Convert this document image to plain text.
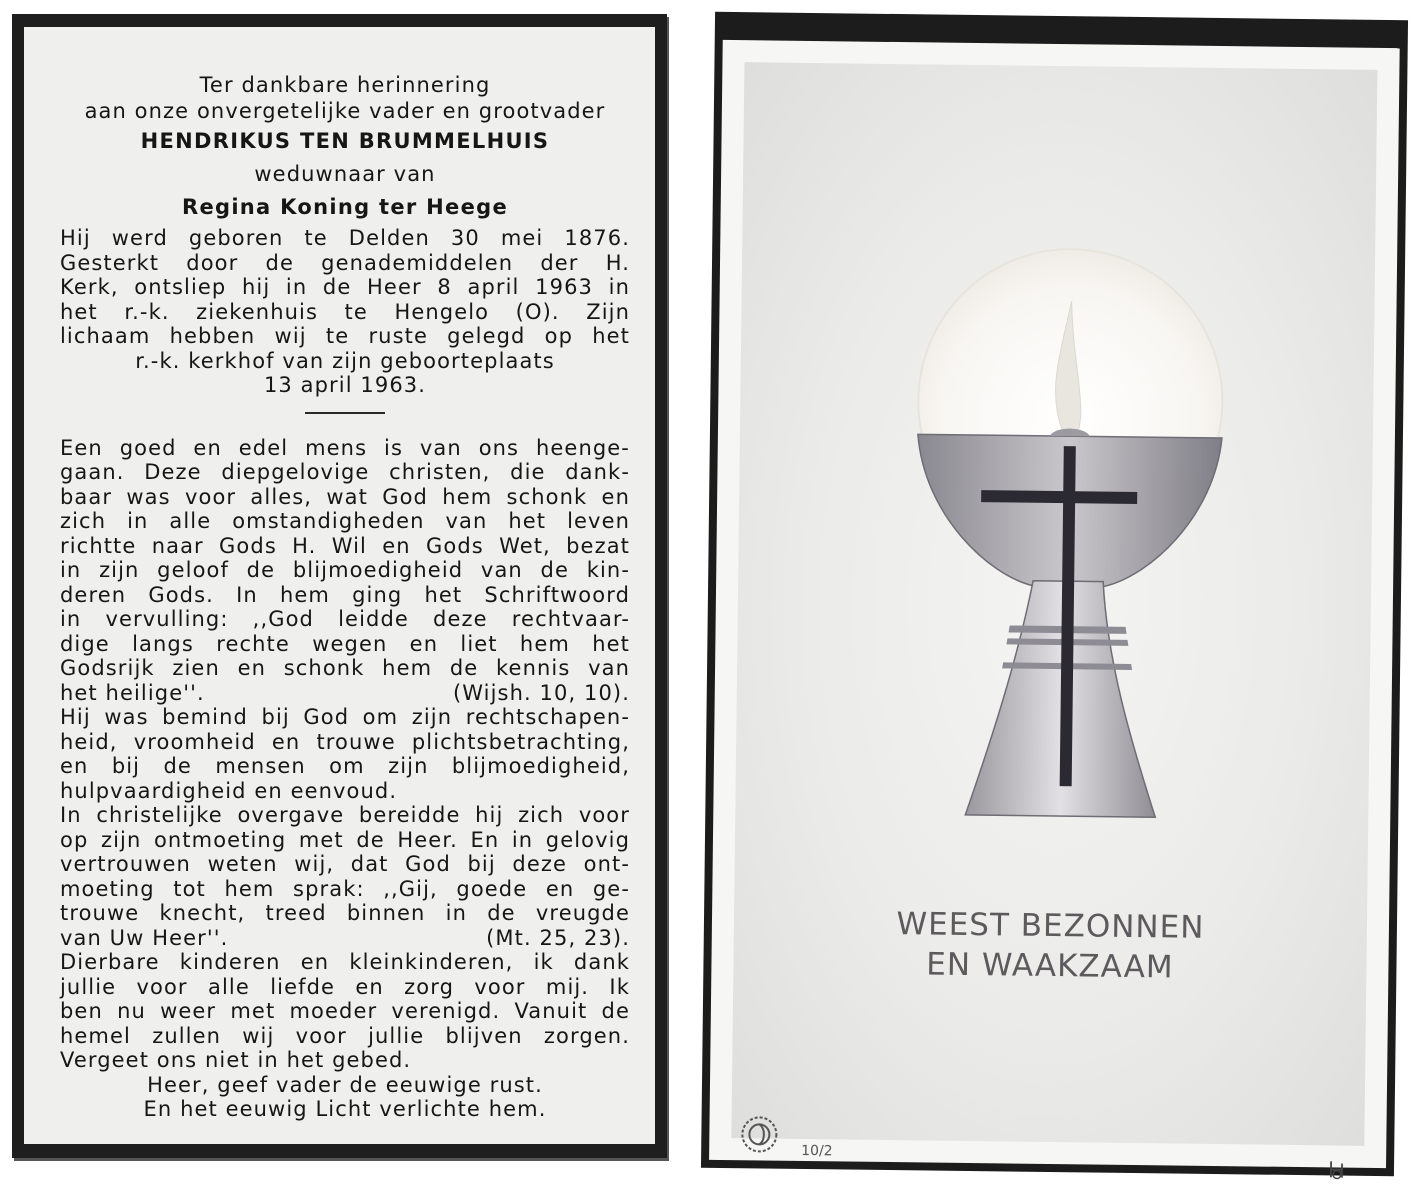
Ter dankbare herinnering
aan onze onvergetelijke vader en grootvader
HENDRIKUS TEN BRUMMELHUIS
weduwnaar van
Regina Koning ter Heege
Hij werd geboren te Delden 30 mei 1876.
Gesterkt door de genademiddelen der H.
Kerk, ontsliep hij in de Heer 8 april 1963 in
het r.-k. ziekenhuis te Hengelo (O). Zijn
lichaam hebben wij te ruste gelegd op het
r.-k. kerkhof van zijn geboorteplaats
13 april 1963.
Een goed en edel mens is van ons heenge-
gaan. Deze diepgelovige christen, die dank-
baar was voor alles, wat God hem schonk en
zich in alle omstandigheden van het leven
richtte naar Gods H. Wil en Gods Wet, bezat
in zijn geloof de blijmoedigheid van de kin-
deren Gods. In hem ging het Schriftwoord
in vervulling: ,,God leidde deze rechtvaar-
dige langs rechte wegen en liet hem het
Godsrijk zien en schonk hem de kennis van
het heilige''.	(Wijsh. 10, 10).
Hij was bemind bij God om zijn rechtschapen-
heid, vroomheid en trouwe plichtsbetrachting,
en bij de mensen om zijn blijmoedigheid,
hulpvaardigheid en eenvoud.
In christelijke overgave bereidde hij zich voor
op zijn ontmoeting met de Heer. En in gelovig
vertrouwen weten wij, dat God bij deze ont-
moeting tot hem sprak: ,,Gij, goede en ge-
trouwe knecht, treed binnen in de vreugde
van Uw Heer''.	(Mt. 25, 23).
Dierbare kinderen en kleinkinderen, ik dank
jullie voor alle liefde en zorg voor mij. Ik
ben nu weer met moeder verenigd. Vanuit de
hemel zullen wij voor jullie blijven zorgen.
Vergeet ons niet in het gebed.
Heer, geef vader de eeuwige rust.
En het eeuwig Licht verlichte hem.
WEEST BEZONNEN
EN WAAKZAAM
10/2
